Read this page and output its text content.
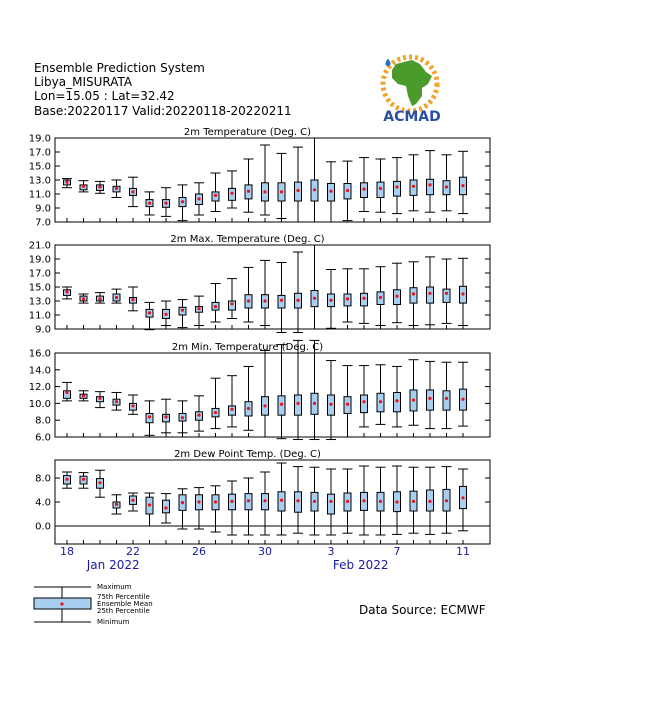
Ensemble Prediction System
Libya_MISURATA
Lon=15.05 : Lat=32.42
Base:20220117 Valid:20220118-20220211	ACMAD
2m Temperature (Deg. C)
7.0
9.0
11.0
13.0
15.0
17.0
19.0
2m Max. Temperature (Deg. C)
9.0
11.0
13.0
15.0
17.0
19.0
21.0
2m Min. Temperature (Deg. C)
6.0
8.0
10.0
12.0
14.0
16.0
2m Dew Point Temp. (Deg. C)
0.0
4.0
8.0
18	22	26	30	3	7	11
Jan 2022	Feb 2022
Maximum
75th Percentile
Ensemble Mean
25th Percentile
Minimum
Data Source: ECMWF
